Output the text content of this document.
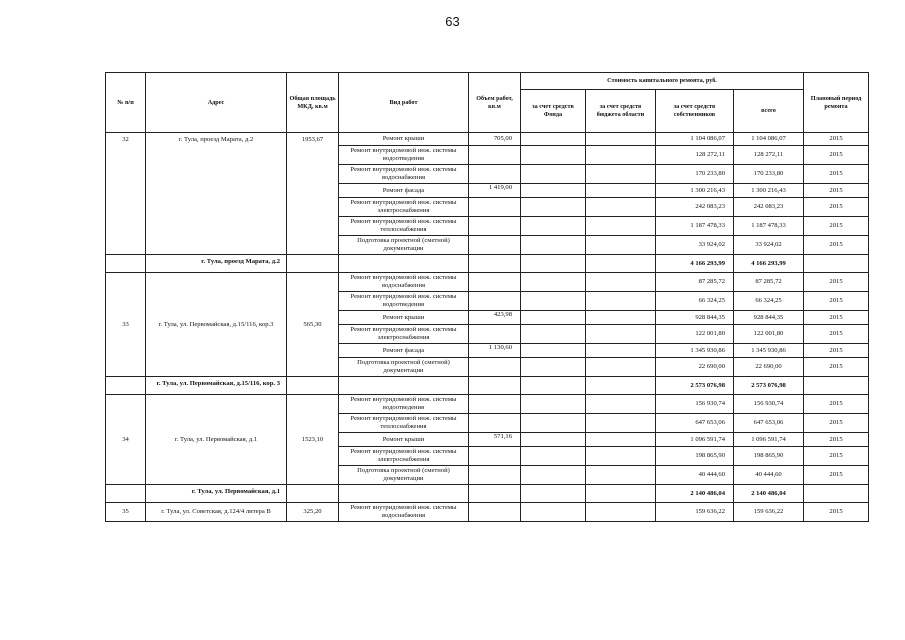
63
№ п/п	Адрес	Общая площадь МКД, кв.м	Вид работ	Объем работ, кв.м	Стоимость капитального ремонта, руб.				Плановый период ремонта
					за счет средств Фонда	за счет средств бюджета области	за счет средств собственников	всего	
32	г. Тула, проезд Марата, д.2	1953,67	Ремонт крыши	705,00			1 104 086,07	1 104 086,07	2015
			Ремонт внутридомовой инж. системы водоотведения				128 272,11	128 272,11	2015
			Ремонт внутридомовой инж. системы водоснабжения				170 233,80	170 233,80	2015
			Ремонт фасада	1 419,00			1 300 216,43	1 300 216,43	2015
			Ремонт внутридомовой инж. системы электроснабжения				242 083,23	242 083,23	2015
			Ремонт внутридомовой инж. системы теплоснабжения				1 187 478,33	1 187 478,33	2015
			Подготовка проектной (сметной) документации				33 924,02	33 924,02	2015
	г. Тула, проезд Марата, д.2						4 166 293,99	4 166 293,99	
33	г. Тула, ул. Первомайская, д.15/116, кор.3	565,30	Ремонт внутридомовой инж. системы водоснабжения				87 285,72	87 285,72	2015
			Ремонт внутридомовой инж. системы водоотведения				66 324,25	66 324,25	2015
			Ремонт крыши	423,98			928 844,35	928 844,35	2015
			Ремонт внутридомовой инж. системы электроснабжения				122 001,80	122 001,80	2015
			Ремонт фасада	1 130,60			1 345 930,86	1 345 930,86	2015
			Подготовка проектной (сметной) документации				22 690,00	22 690,00	2015
	г. Тула, ул. Первомайская, д.15/116, кор. 3						2 573 076,98	2 573 076,98	
34	г. Тула, ул. Первомайская, д.1	1523,10	Ремонт внутридомовой инж. системы водоотведения				156 930,74	156 930,74	2015
			Ремонт внутридомовой инж. системы теплоснабжения				647 653,06	647 653,06	2015
			Ремонт крыши	571,16			1 096 591,74	1 096 591,74	2015
			Ремонт внутридомовой инж. системы электроснабжения				198 865,90	198 865,90	2015
			Подготовка проектной (сметной) документации				40 444,60	40 444,60	2015
	г. Тула, ул. Первомайская, д.1						2 140 486,04	2 140 486,04	
35	г. Тула, ул. Советская, д.124/4 литера В	325,20	Ремонт внутридомовой инж. системы водоснабжения				159 636,22	159 636,22	2015
